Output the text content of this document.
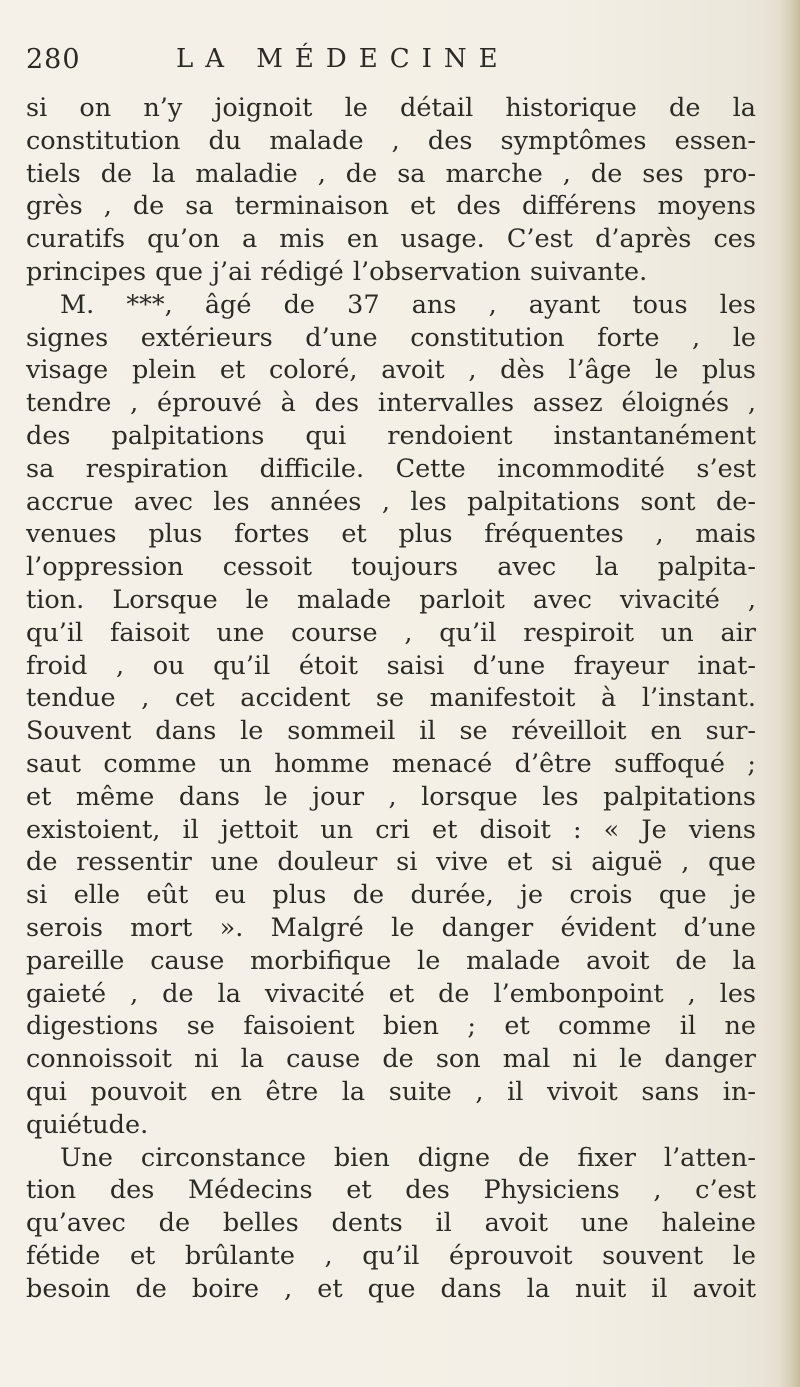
280	LA MÉDECINE
si on n’y joignoit le détail historique de la
constitution du malade , des symptômes essen-
tiels de la maladie , de sa marche , de ses pro-
grès , de sa terminaison et des différens moyens
curatifs qu’on a mis en usage. C’est d’après ces
principes que j’ai rédigé l’observation suivante.
M. ***, âgé de 37 ans , ayant tous les
signes extérieurs d’une constitution forte , le
visage plein et coloré, avoit , dès l’âge le plus
tendre , éprouvé à des intervalles assez éloignés ,
des palpitations qui rendoient instantanément
sa respiration difficile. Cette incommodité s’est
accrue avec les années , les palpitations sont de-
venues plus fortes et plus fréquentes , mais
l’oppression cessoit toujours avec la palpita-
tion. Lorsque le malade parloit avec vivacité ,
qu’il faisoit une course , qu’il respiroit un air
froid , ou qu’il étoit saisi d’une frayeur inat-
tendue , cet accident se manifestoit à l’instant.
Souvent dans le sommeil il se réveilloit en sur-
saut comme un homme menacé d’être suffoqué ;
et même dans le jour , lorsque les palpitations
existoient, il jettoit un cri et disoit : « Je viens
de ressentir une douleur si vive et si aiguë , que
si elle eût eu plus de durée, je crois que je
serois mort ». Malgré le danger évident d’une
pareille cause morbifique le malade avoit de la
gaieté , de la vivacité et de l’embonpoint , les
digestions se faisoient bien ; et comme il ne
connoissoit ni la cause de son mal ni le danger
qui pouvoit en être la suite , il vivoit sans in-
quiétude.
Une circonstance bien digne de fixer l’atten-
tion des Médecins et des Physiciens , c’est
qu’avec de belles dents il avoit une haleine
fétide et brûlante , qu’il éprouvoit souvent le
besoin de boire , et que dans la nuit il avoit
